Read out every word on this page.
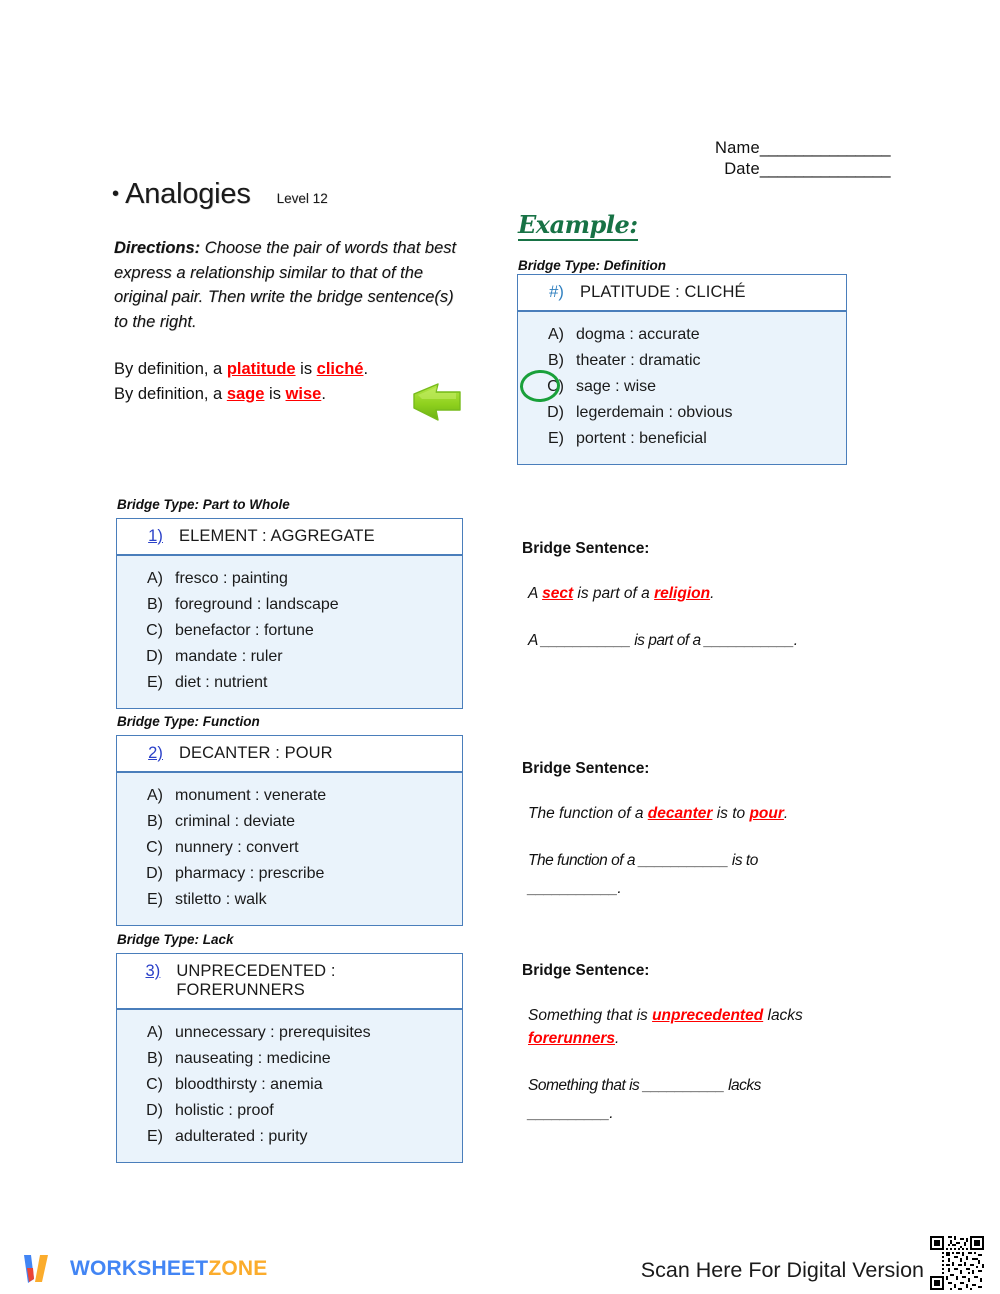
Name_______________
Date_______________
• Analogies Level 12
Directions: Choose the pair of words that best express a relationship similar to that of the original pair. Then write the bridge sentence(s) to the right.
By definition, a platitude is cliché.
By definition, a sage is wise.
Example:
Bridge Type: Definition
#) PLATITUDE : CLICHÉ
A) dogma : accurate
B) theater : dramatic
C) sage : wise
D) legerdemain : obvious
E) portent : beneficial
Bridge Type: Part to Whole
1) ELEMENT : AGGREGATE
A) fresco : painting
B) foreground : landscape
C) benefactor : fortune
D) mandate : ruler
E) diet : nutrient
Bridge Sentence:
A sect is part of a religion.
A ___________ is part of a ___________.
Bridge Type: Function
2) DECANTER : POUR
A) monument : venerate
B) criminal : deviate
C) nunnery : convert
D) pharmacy : prescribe
E) stiletto : walk
Bridge Sentence:
The function of a decanter is to pour.
The function of a ___________ is to ___________.
Bridge Type: Lack
3) UNPRECEDENTED : FORERUNNERS
A) unnecessary : prerequisites
B) nauseating : medicine
C) bloodthirsty : anemia
D) holistic : proof
E) adulterated : purity
Bridge Sentence:
Something that is unprecedented lacks forerunners.
Something that is __________ lacks __________.
WORKSHEETZONE	Scan Here For Digital Version
